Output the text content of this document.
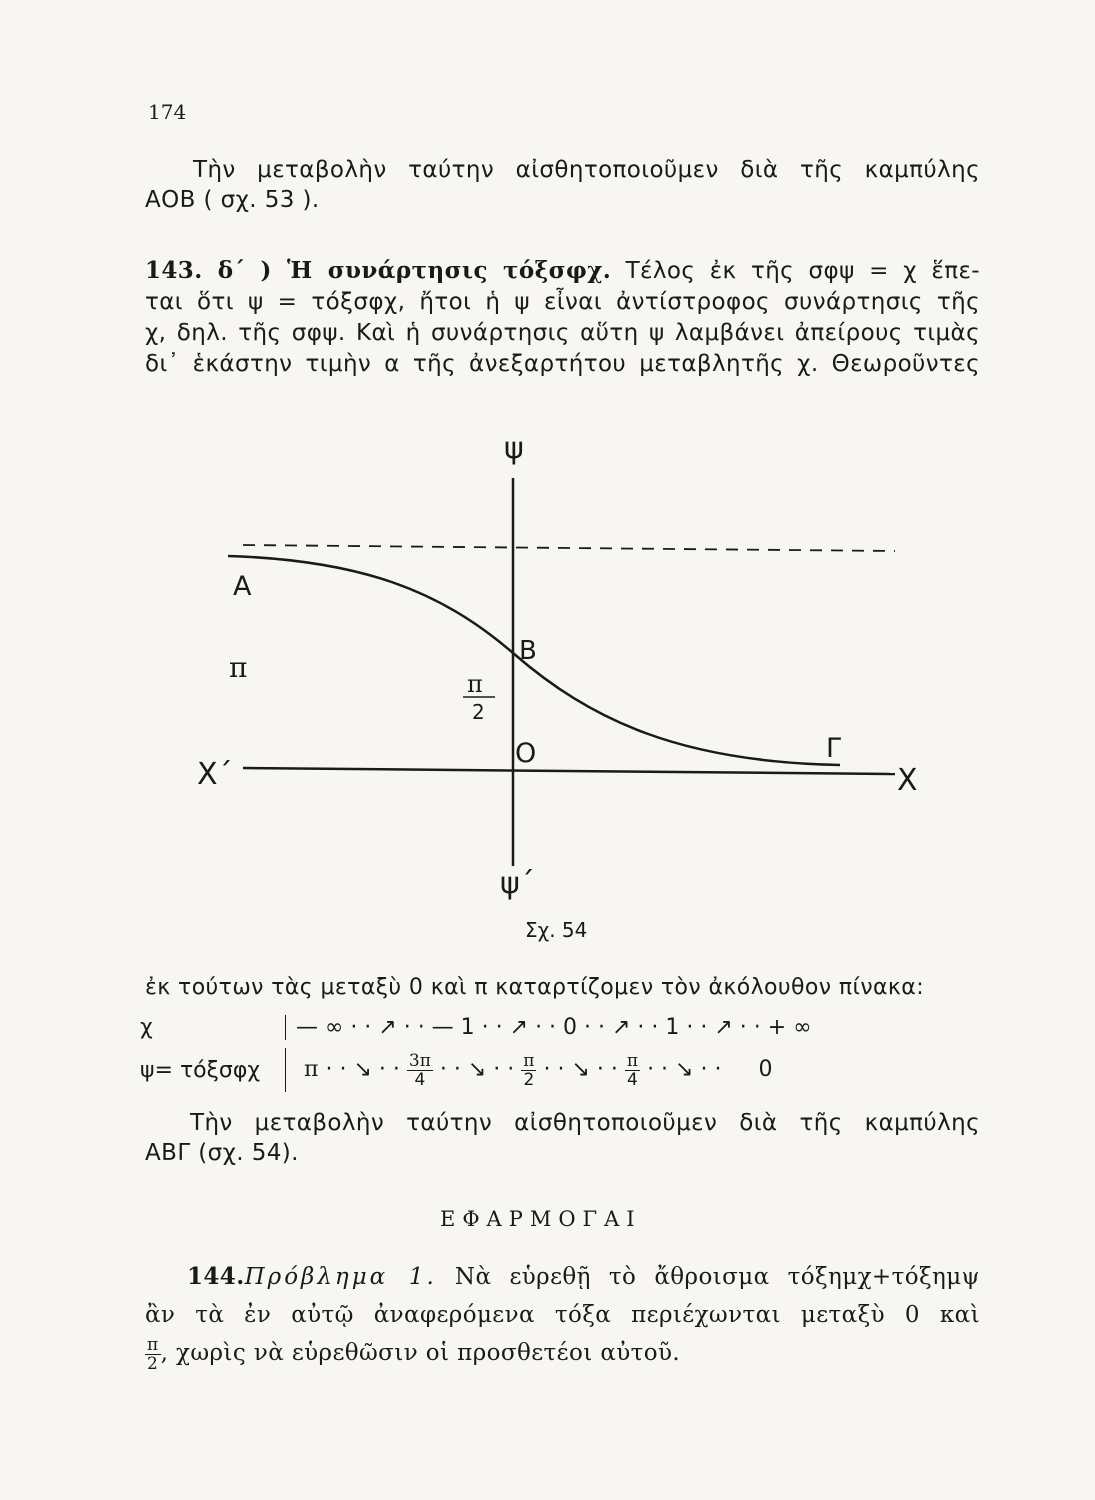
174
Τὴν μεταβολὴν ταύτην αἰσθητοποιοῦμεν διὰ τῆς καμπύλης
ΑΟΒ ( σχ. 53 ).
143. δ΄ ) Ἡ συνάρτησις τόξσφχ. Τέλος ἐκ τῆς σφψ = χ ἕπε-
ται ὅτι ψ = τόξσφχ, ἤτοι ἡ ψ εἶναι ἀντίστροφος συνάρτησις τῆς
χ, δηλ. τῆς σφψ. Καὶ ἡ συνάρτησις αὕτη ψ λαμβάνει ἀπείρους τιμὰς
δι᾽ ἑκάστην τιμὴν α τῆς ἀνεξαρτήτου μεταβλητῆς χ. Θεωροῦντες
ψ
ψ΄
Α
Β
Ο	Γ
Χ΄	Χ
π	π
2
Σχ. 54
ἐκ τούτων τὰς μεταξὺ 0 καὶ π καταρτίζομεν τὸν ἀκόλουθον πίνακα:
χ	— ∞ · · ↗ · · — 1 · · ↗ · · 0 · · ↗ · · 1 · · ↗ · · + ∞
ψ= τόξσφχ π · · ↘ · · $\frac{3\pi}{4}$ · · ↘ · · $\frac{\pi}{2}$ · · ↘ · · $\frac{\pi}{4}$ · · ↘ · · 0
Τὴν μεταβολὴν ταύτην αἰσθητοποιοῦμεν διὰ τῆς καμπύλης
ΑΒΓ (σχ. 54).
ΕΦΑΡΜΟΓΑΙ
144.Πρόβλημα 1. Νὰ εὑρεθῇ τὸ ἄθροισμα τόξημχ+τόξημψ
ἂν τὰ ἐν αὐτῷ ἀναφερόμενα τόξα περιέχωνται μεταξὺ 0 καὶ
$\frac{\pi}{2}$ , χωρὶς νὰ εὑρεθῶσιν οἱ προσθετέοι αὐτοῦ.
